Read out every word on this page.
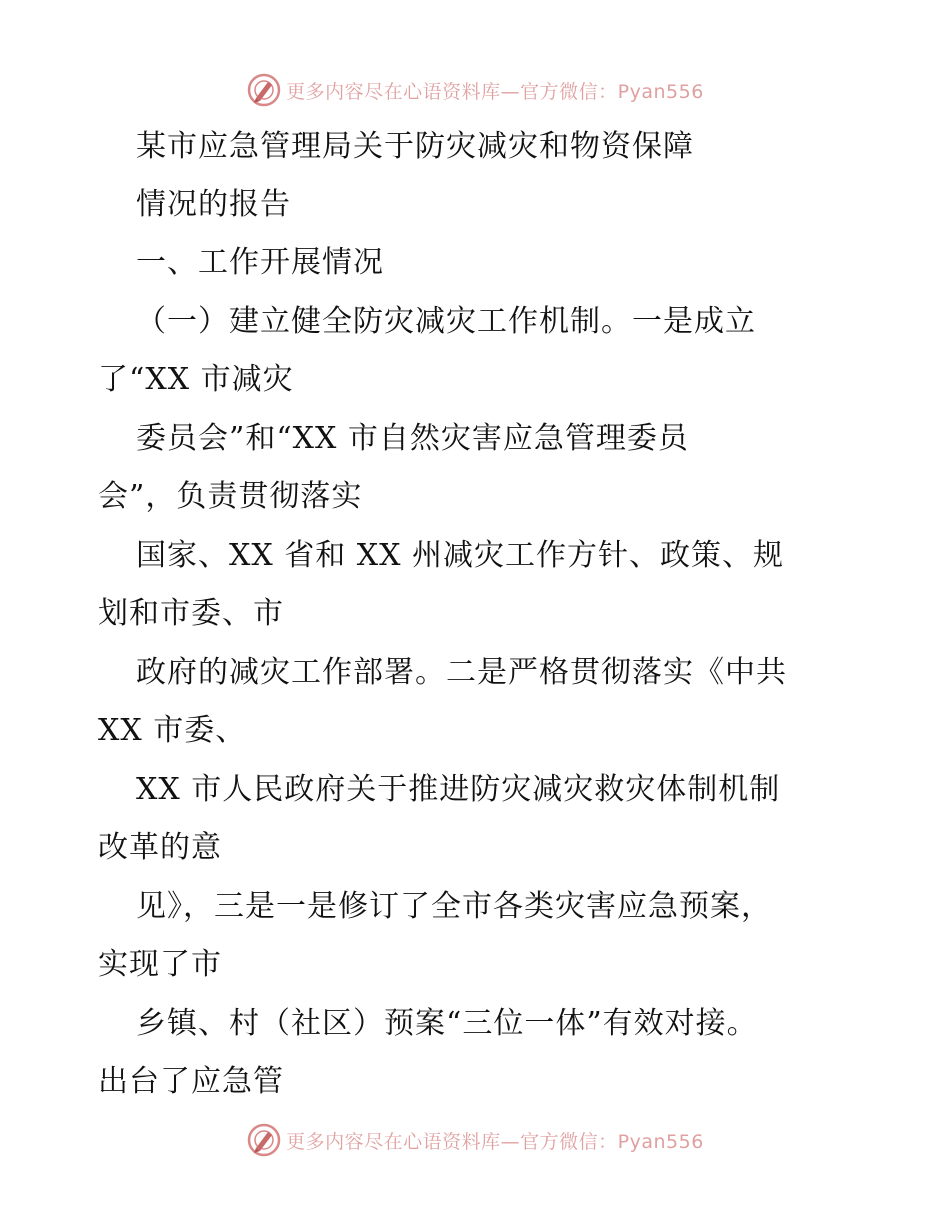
更多内容尽在心语资料库—官方微信：Pyan556
某市应急管理局关于防灾减灾和物资保障
情况的报告
一、工作开展情况
（一）建立健全防灾减灾工作机制。一是成立
了“XX 市减灾
委员会”和“XX 市自然灾害应急管理委员
会”，负责贯彻落实
国家、XX 省和 XX 州减灾工作方针、政策、规
划和市委、市
政府的减灾工作部署。二是严格贯彻落实《中共
XX 市委、
XX 市人民政府关于推进防灾减灾救灾体制机制
改革的意
见》，三是一是修订了全市各类灾害应急预案，
实现了市
乡镇、村（社区）预案“三位一体”有效对接。
出台了应急管
更多内容尽在心语资料库—官方微信：Pyan556
